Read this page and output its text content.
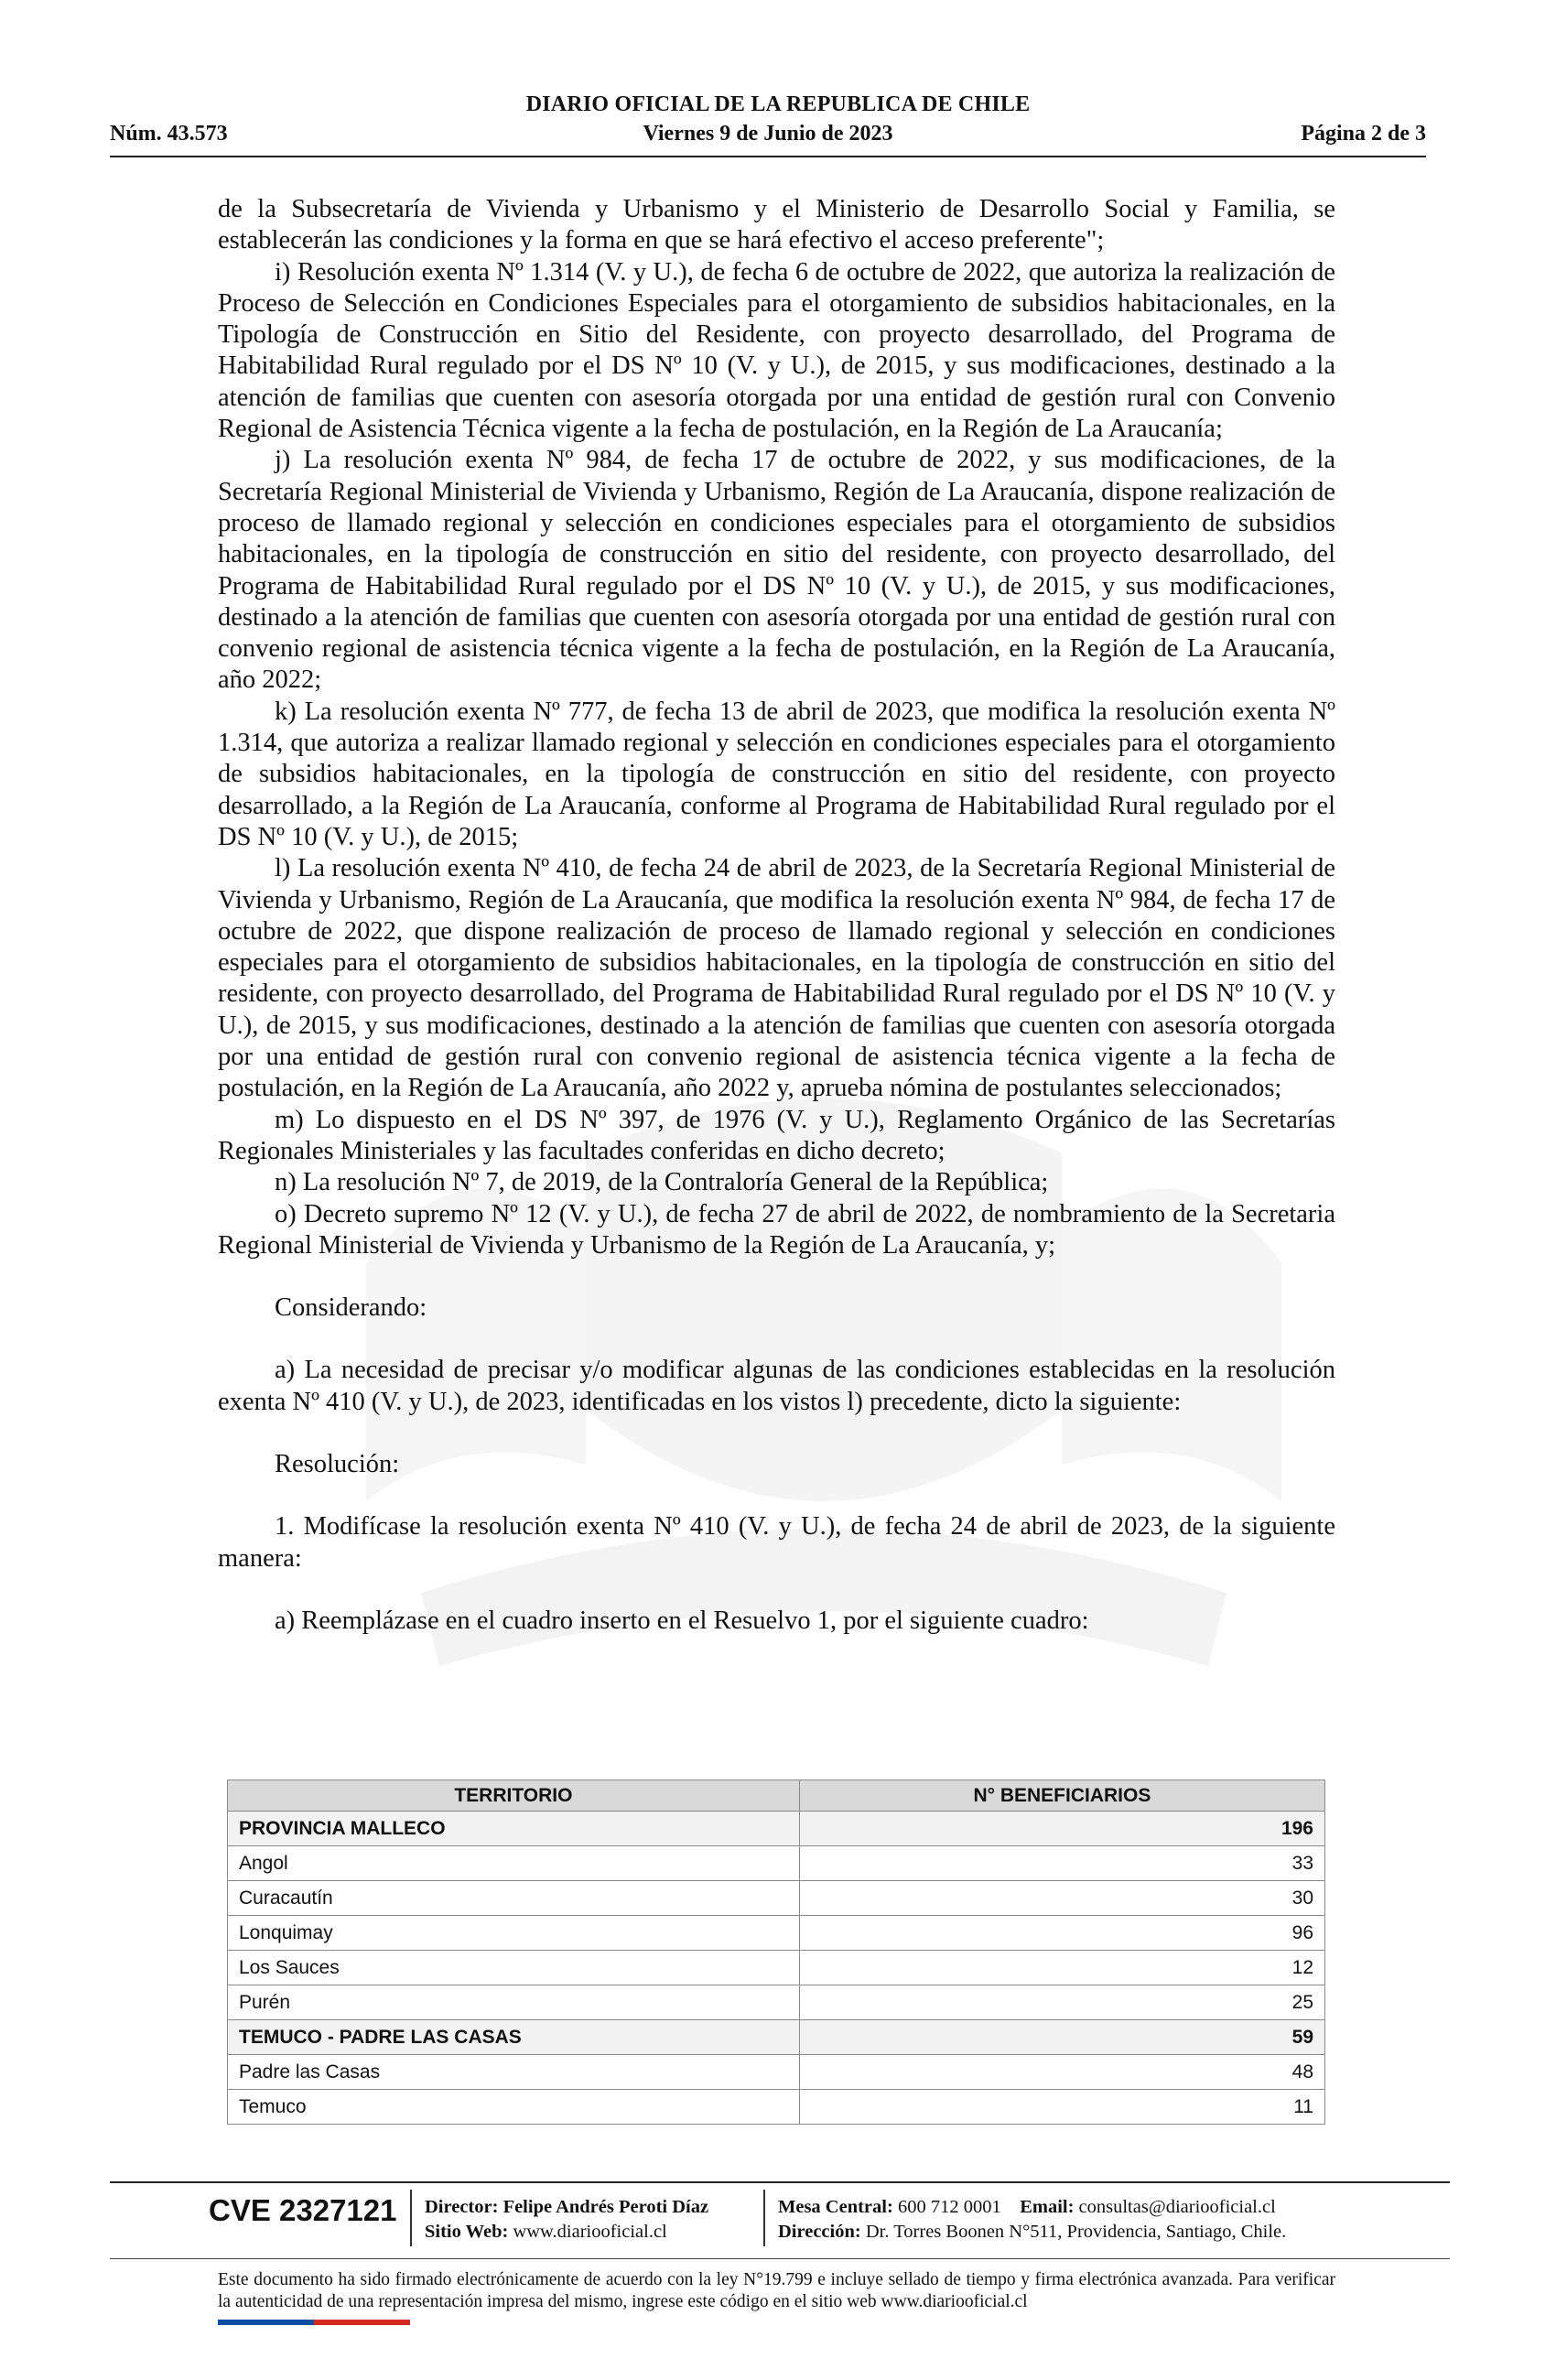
DIARIO OFICIAL DE LA REPUBLICA DE CHILE
Núm. 43.573	Viernes 9 de Junio de 2023	Página 2 de 3

de la Subsecretaría de Vivienda y Urbanismo y el Ministerio de Desarrollo Social y Familia, se establecerán las condiciones y la forma en que se hará efectivo el acceso preferente";

i) Resolución exenta Nº 1.314 (V. y U.), de fecha 6 de octubre de 2022, que autoriza la realización de Proceso de Selección en Condiciones Especiales para el otorgamiento de subsidios habitacionales, en la Tipología de Construcción en Sitio del Residente, con proyecto desarrollado, del Programa de Habitabilidad Rural regulado por el DS Nº 10 (V. y U.), de 2015, y sus modificaciones, destinado a la atención de familias que cuenten con asesoría otorgada por una entidad de gestión rural con Convenio Regional de Asistencia Técnica vigente a la fecha de postulación, en la Región de La Araucanía;

j) La resolución exenta Nº 984, de fecha 17 de octubre de 2022, y sus modificaciones, de la Secretaría Regional Ministerial de Vivienda y Urbanismo, Región de La Araucanía, dispone realización de proceso de llamado regional y selección en condiciones especiales para el otorgamiento de subsidios habitacionales, en la tipología de construcción en sitio del residente, con proyecto desarrollado, del Programa de Habitabilidad Rural regulado por el DS Nº 10 (V. y U.), de 2015, y sus modificaciones, destinado a la atención de familias que cuenten con asesoría otorgada por una entidad de gestión rural con convenio regional de asistencia técnica vigente a la fecha de postulación, en la Región de La Araucanía, año 2022;

k) La resolución exenta Nº 777, de fecha 13 de abril de 2023, que modifica la resolución exenta Nº 1.314, que autoriza a realizar llamado regional y selección en condiciones especiales para el otorgamiento de subsidios habitacionales, en la tipología de construcción en sitio del residente, con proyecto desarrollado, a la Región de La Araucanía, conforme al Programa de Habitabilidad Rural regulado por el DS Nº 10 (V. y U.), de 2015;

l) La resolución exenta Nº 410, de fecha 24 de abril de 2023, de la Secretaría Regional Ministerial de Vivienda y Urbanismo, Región de La Araucanía, que modifica la resolución exenta Nº 984, de fecha 17 de octubre de 2022, que dispone realización de proceso de llamado regional y selección en condiciones especiales para el otorgamiento de subsidios habitacionales, en la tipología de construcción en sitio del residente, con proyecto desarrollado, del Programa de Habitabilidad Rural regulado por el DS Nº 10 (V. y U.), de 2015, y sus modificaciones, destinado a la atención de familias que cuenten con asesoría otorgada por una entidad de gestión rural con convenio regional de asistencia técnica vigente a la fecha de postulación, en la Región de La Araucanía, año 2022 y, aprueba nómina de postulantes seleccionados;

m) Lo dispuesto en el DS Nº 397, de 1976 (V. y U.), Reglamento Orgánico de las Secretarías Regionales Ministeriales y las facultades conferidas en dicho decreto;

n) La resolución Nº 7, de 2019, de la Contraloría General de la República;

o) Decreto supremo Nº 12 (V. y U.), de fecha 27 de abril de 2022, de nombramiento de la Secretaria Regional Ministerial de Vivienda y Urbanismo de la Región de La Araucanía, y;

Considerando:

a) La necesidad de precisar y/o modificar algunas de las condiciones establecidas en la resolución exenta Nº 410 (V. y U.), de 2023, identificadas en los vistos l) precedente, dicto la siguiente:

Resolución:

1. Modifícase la resolución exenta Nº 410 (V. y U.), de fecha 24 de abril de 2023, de la siguiente manera:

a) Reemplázase en el cuadro inserto en el Resuelvo 1, por el siguiente cuadro:

TERRITORIO	N° BENEFICIARIOS
PROVINCIA MALLECO	196
Angol	33
Curacautín	30
Lonquimay	96
Los Sauces	12
Purén	25
TEMUCO - PADRE LAS CASAS	59
Padre las Casas	48
Temuco	11
CVE 2327121 Director: Felipe Andrés Peroti Díaz
Sitio Web: www.diariooficial.cl
Mesa Central: 600 712 0001 Email: consultas@diariooficial.cl
Dirección: Dr. Torres Boonen N°511, Providencia, Santiago, Chile.
Este documento ha sido firmado electrónicamente de acuerdo con la ley N°19.799 e incluye sellado de tiempo y firma electrónica avanzada. Para verificar la autenticidad de una representación impresa del mismo, ingrese este código en el sitio web www.diariooficial.cl
